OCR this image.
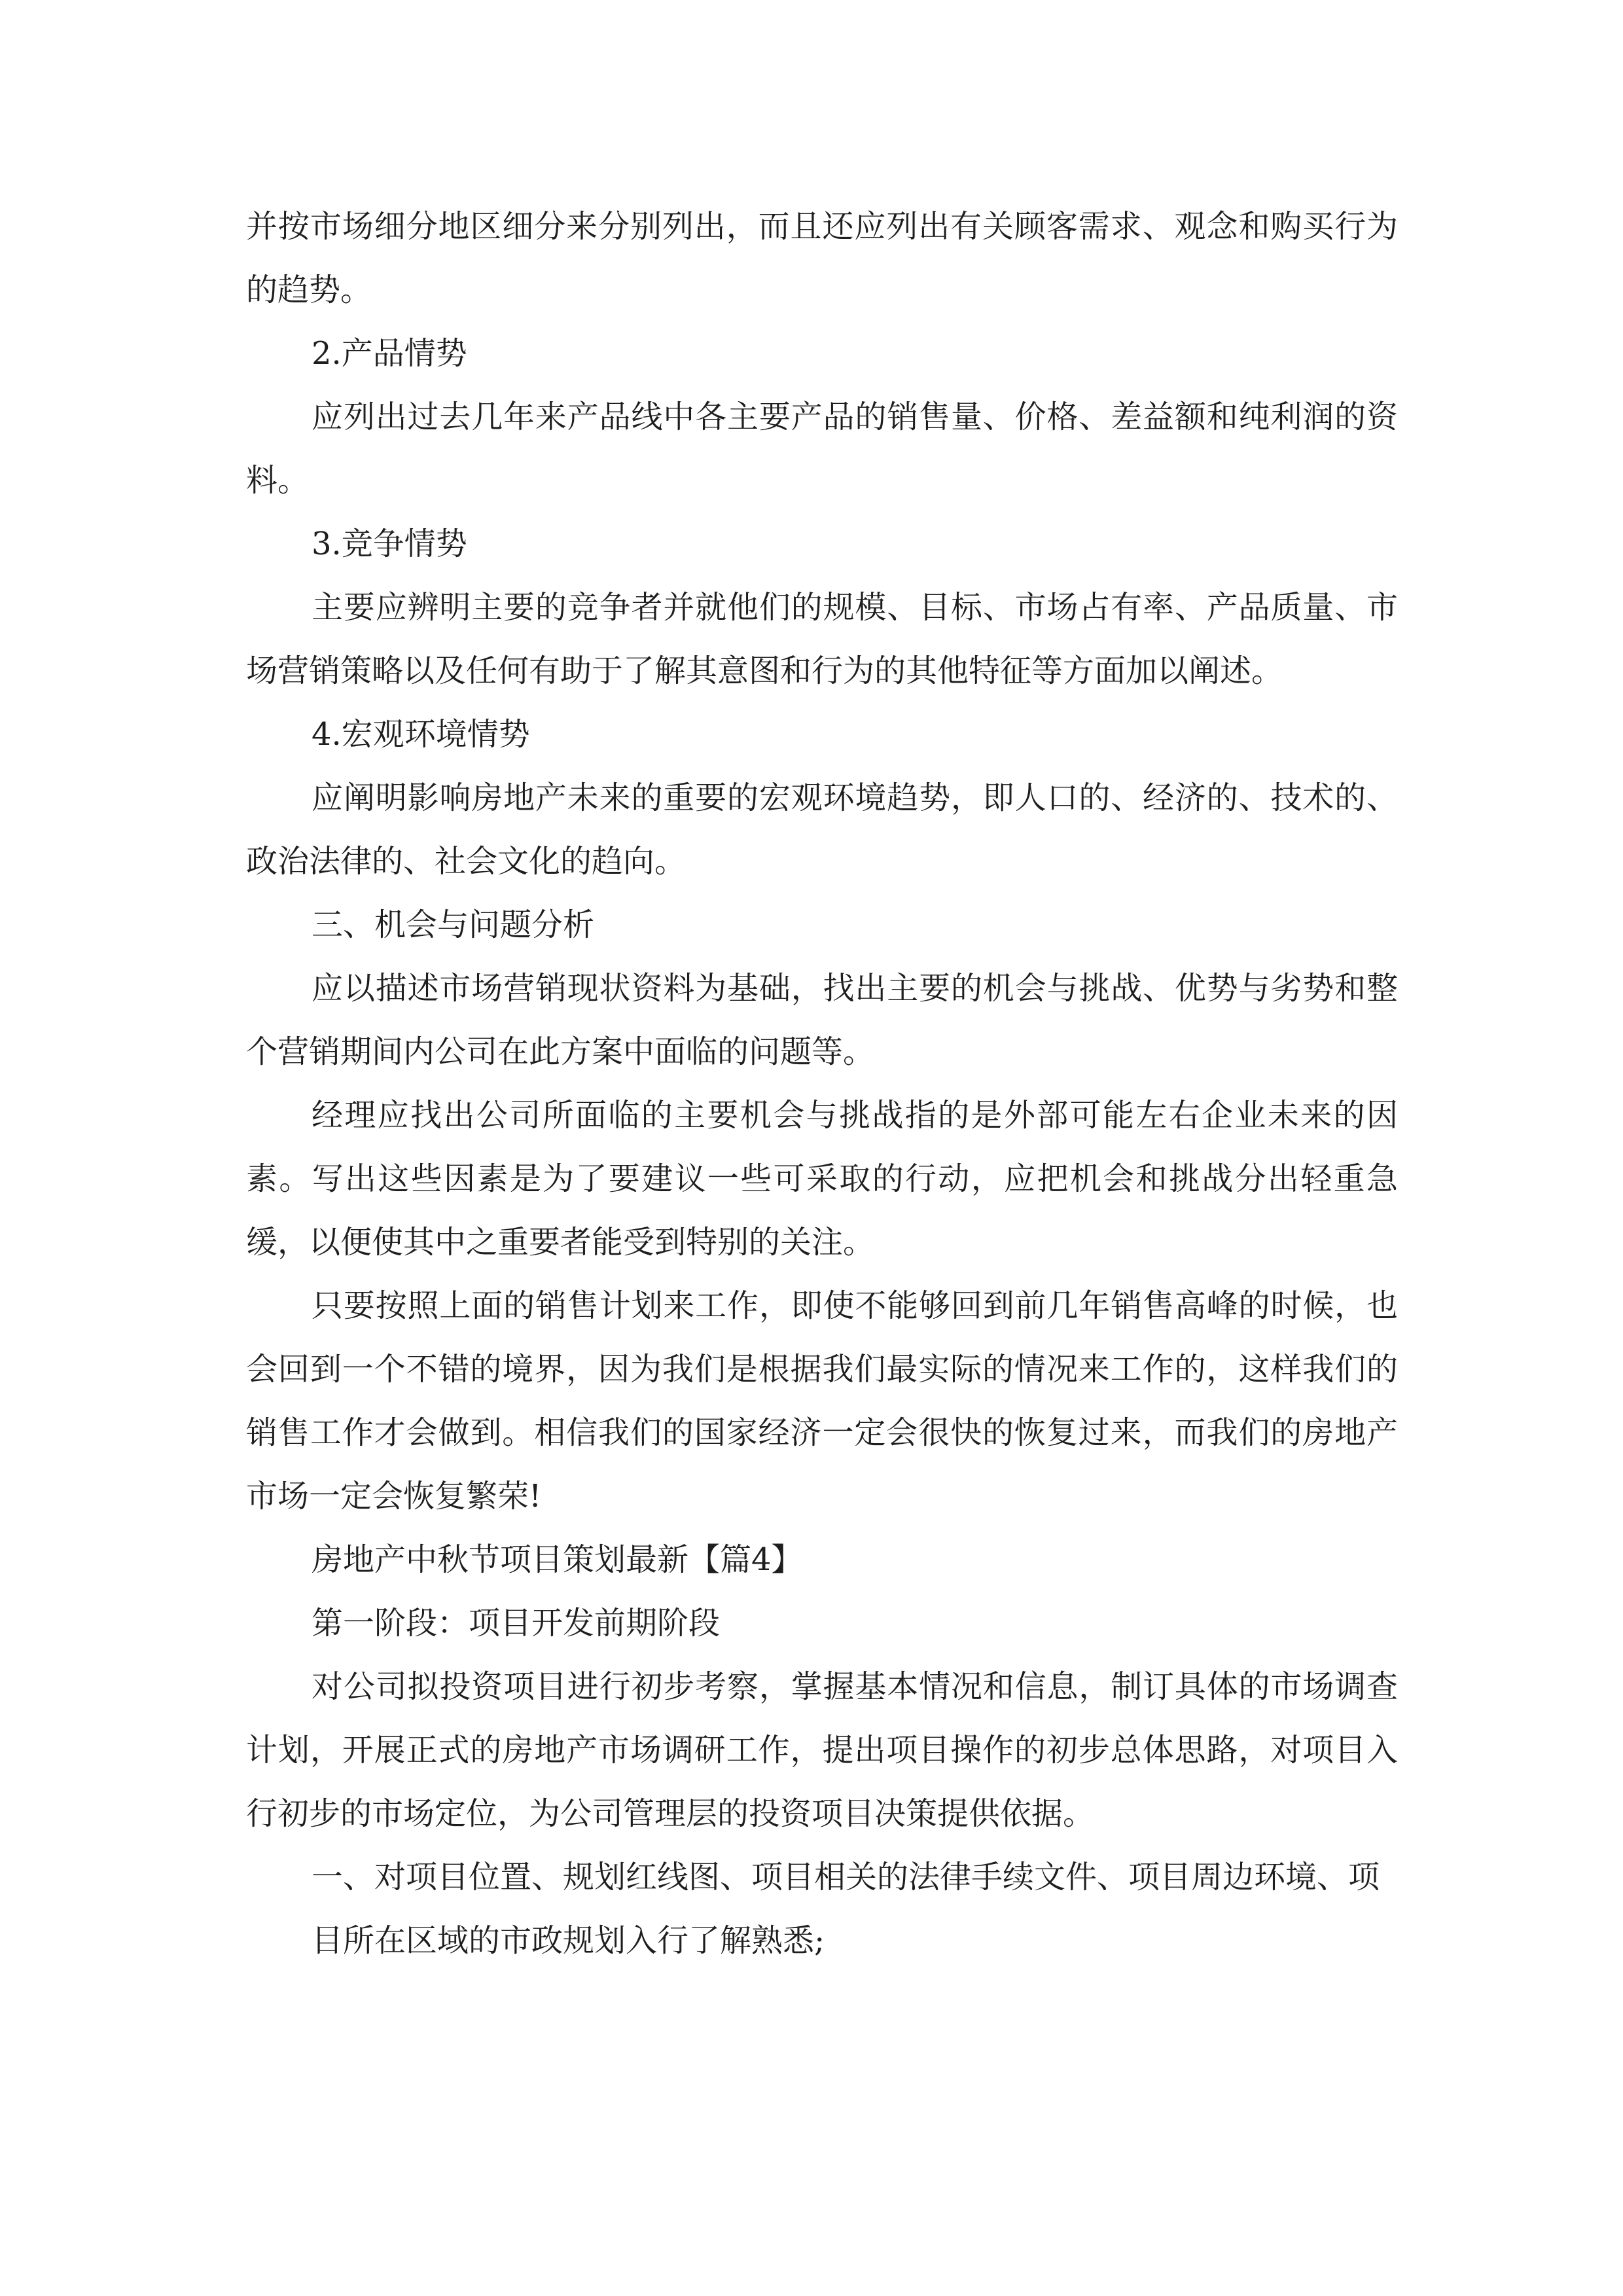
并按市场细分地区细分来分别列出，而且还应列出有关顾客需求、观念和购买行为的趋势。

2.产品情势

应列出过去几年来产品线中各主要产品的销售量、价格、差益额和纯利润的资料。

3.竞争情势

主要应辨明主要的竞争者并就他们的规模、目标、市场占有率、产品质量、市场营销策略以及任何有助于了解其意图和行为的其他特征等方面加以阐述。

4.宏观环境情势

应阐明影响房地产未来的重要的宏观环境趋势，即人口的、经济的、技术的、政治法律的、社会文化的趋向。

三、机会与问题分析

应以描述市场营销现状资料为基础，找出主要的机会与挑战、优势与劣势和整个营销期间内公司在此方案中面临的问题等。

经理应找出公司所面临的主要机会与挑战指的是外部可能左右企业未来的因素。写出这些因素是为了要建议一些可采取的行动，应把机会和挑战分出轻重急缓，以便使其中之重要者能受到特别的关注。

只要按照上面的销售计划来工作，即使不能够回到前几年销售高峰的时候，也会回到一个不错的境界，因为我们是根据我们最实际的情况来工作的，这样我们的销售工作才会做到。相信我们的国家经济一定会很快的恢复过来，而我们的房地产市场一定会恢复繁荣!

房地产中秋节项目策划最新【篇4】

第一阶段：项目开发前期阶段

对公司拟投资项目进行初步考察，掌握基本情况和信息，制订具体的市场调查计划，开展正式的房地产市场调研工作，提出项目操作的初步总体思路，对项目入行初步的市场定位，为公司管理层的投资项目决策提供依据。

一、对项目位置、规划红线图、项目相关的法律手续文件、项目周边环境、项

目所在区域的市政规划入行了解熟悉;
